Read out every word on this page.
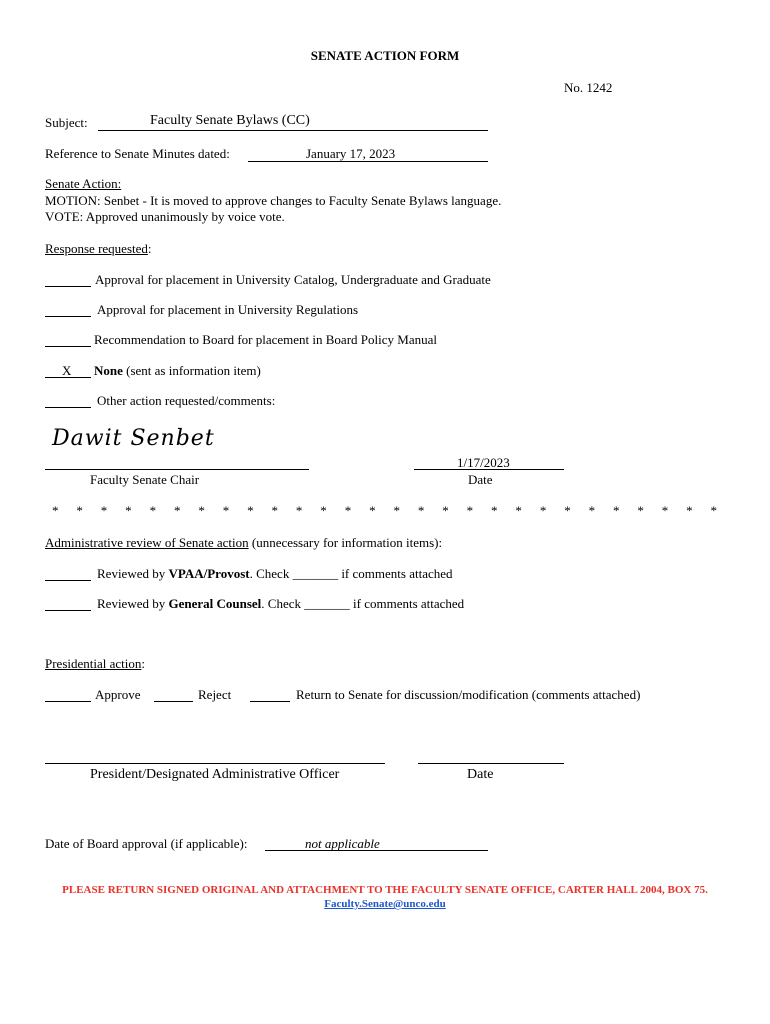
SENATE ACTION FORM
No. 1242
Subject:	Faculty Senate Bylaws (CC)
Reference to Senate Minutes dated:	January 17, 2023
Senate Action:
MOTION: Senbet - It is moved to approve changes to Faculty Senate Bylaws language.
VOTE: Approved unanimously by voice vote.
Response requested:
Approval for placement in University Catalog, Undergraduate and Graduate
Approval for placement in University Regulations
Recommendation to Board for placement in Board Policy Manual
X None (sent as information item)
Other action requested/comments:
Dawit Senbet
Faculty Senate Chair
1/17/2023
Date
* * * * * * * * * * * * * * * * * * * * * * * * * * * *
Administrative review of Senate action (unnecessary for information items):
Reviewed by VPAA/Provost. Check _______ if comments attached
Reviewed by General Counsel. Check _______ if comments attached
Presidential action:
Approve	Reject	Return to Senate for discussion/modification (comments attached)
President/Designated Administrative Officer	Date
Date of Board approval (if applicable):	not applicable
PLEASE RETURN SIGNED ORIGINAL AND ATTACHMENT TO THE FACULTY SENATE OFFICE, CARTER HALL 2004, BOX 75.
Faculty.Senate@unco.edu
